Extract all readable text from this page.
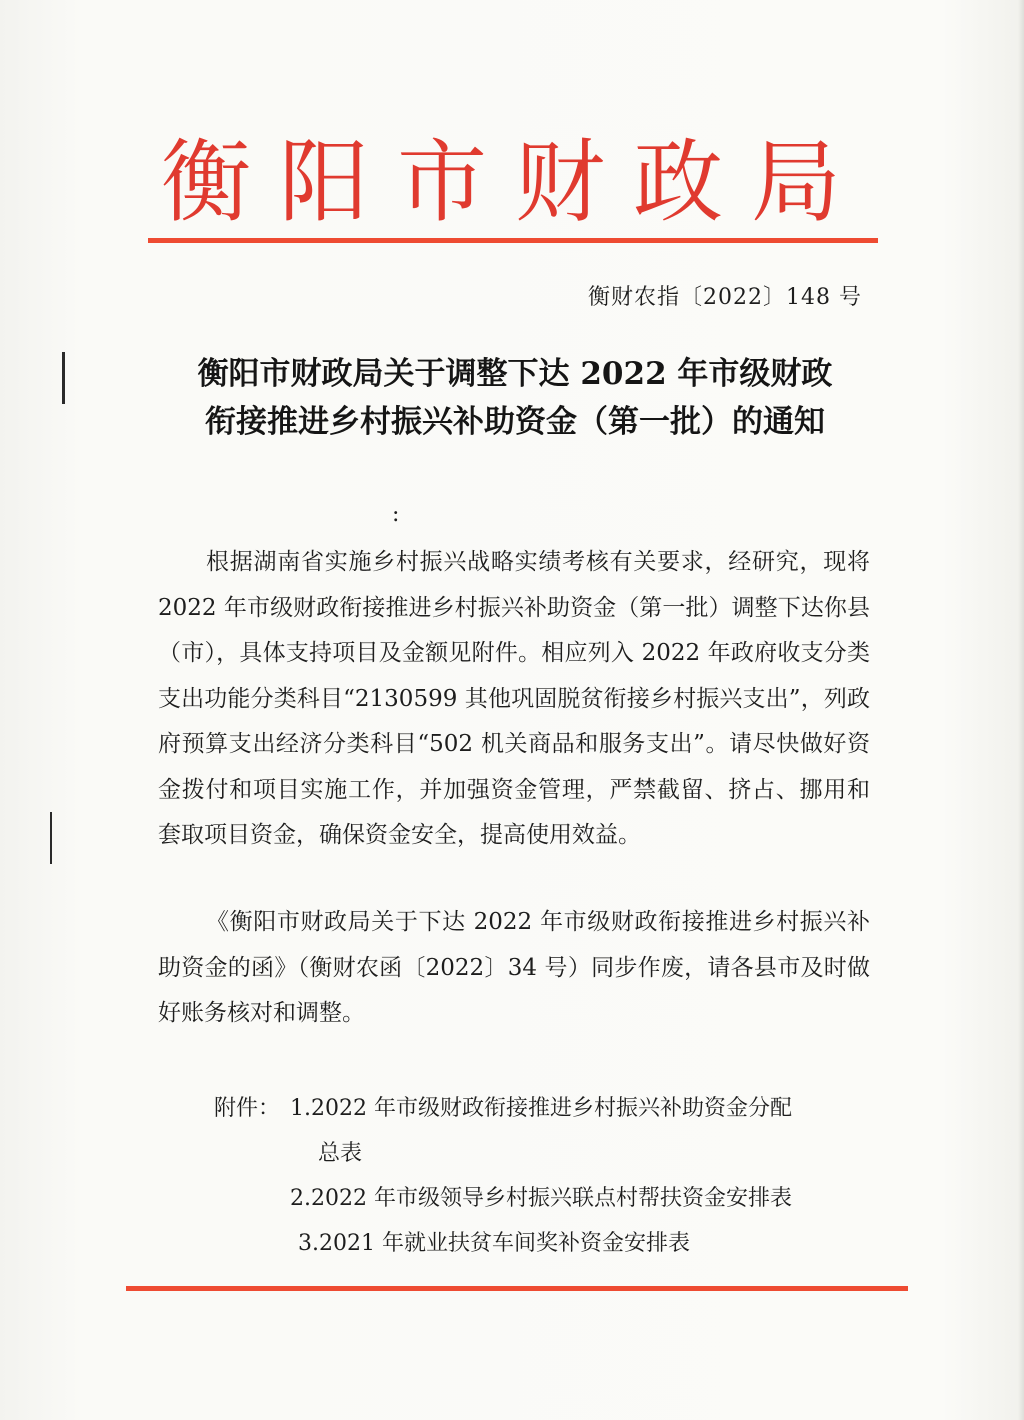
衡阳市财政局
衡财农指〔2022〕148 号
衡阳市财政局关于调整下达 2022 年市级财政
衔接推进乡村振兴补助资金（第一批）的通知
:

根据湖南省实施乡村振兴战略实绩考核有关要求，经研究，现将 2022 年市级财政衔接推进乡村振兴补助资金（第一批）调整下达你县（市），具体支持项目及金额见附件。相应列入 2022 年政府收支分类支出功能分类科目“2130599 其他巩固脱贫衔接乡村振兴支出”，列政府预算支出经济分类科目“502 机关商品和服务支出”。请尽快做好资金拨付和项目实施工作，并加强资金管理，严禁截留、挤占、挪用和套取项目资金，确保资金安全，提高使用效益。

《衡阳市财政局关于下达 2022 年市级财政衔接推进乡村振兴补助资金的函》（衡财农函〔2022〕34 号）同步作废，请各县市及时做好账务核对和调整。

附件： 1.2022 年市级财政衔接推进乡村振兴补助资金分配
总表
2.2022 年市级领导乡村振兴联点村帮扶资金安排表
3.2021 年就业扶贫车间奖补资金安排表
